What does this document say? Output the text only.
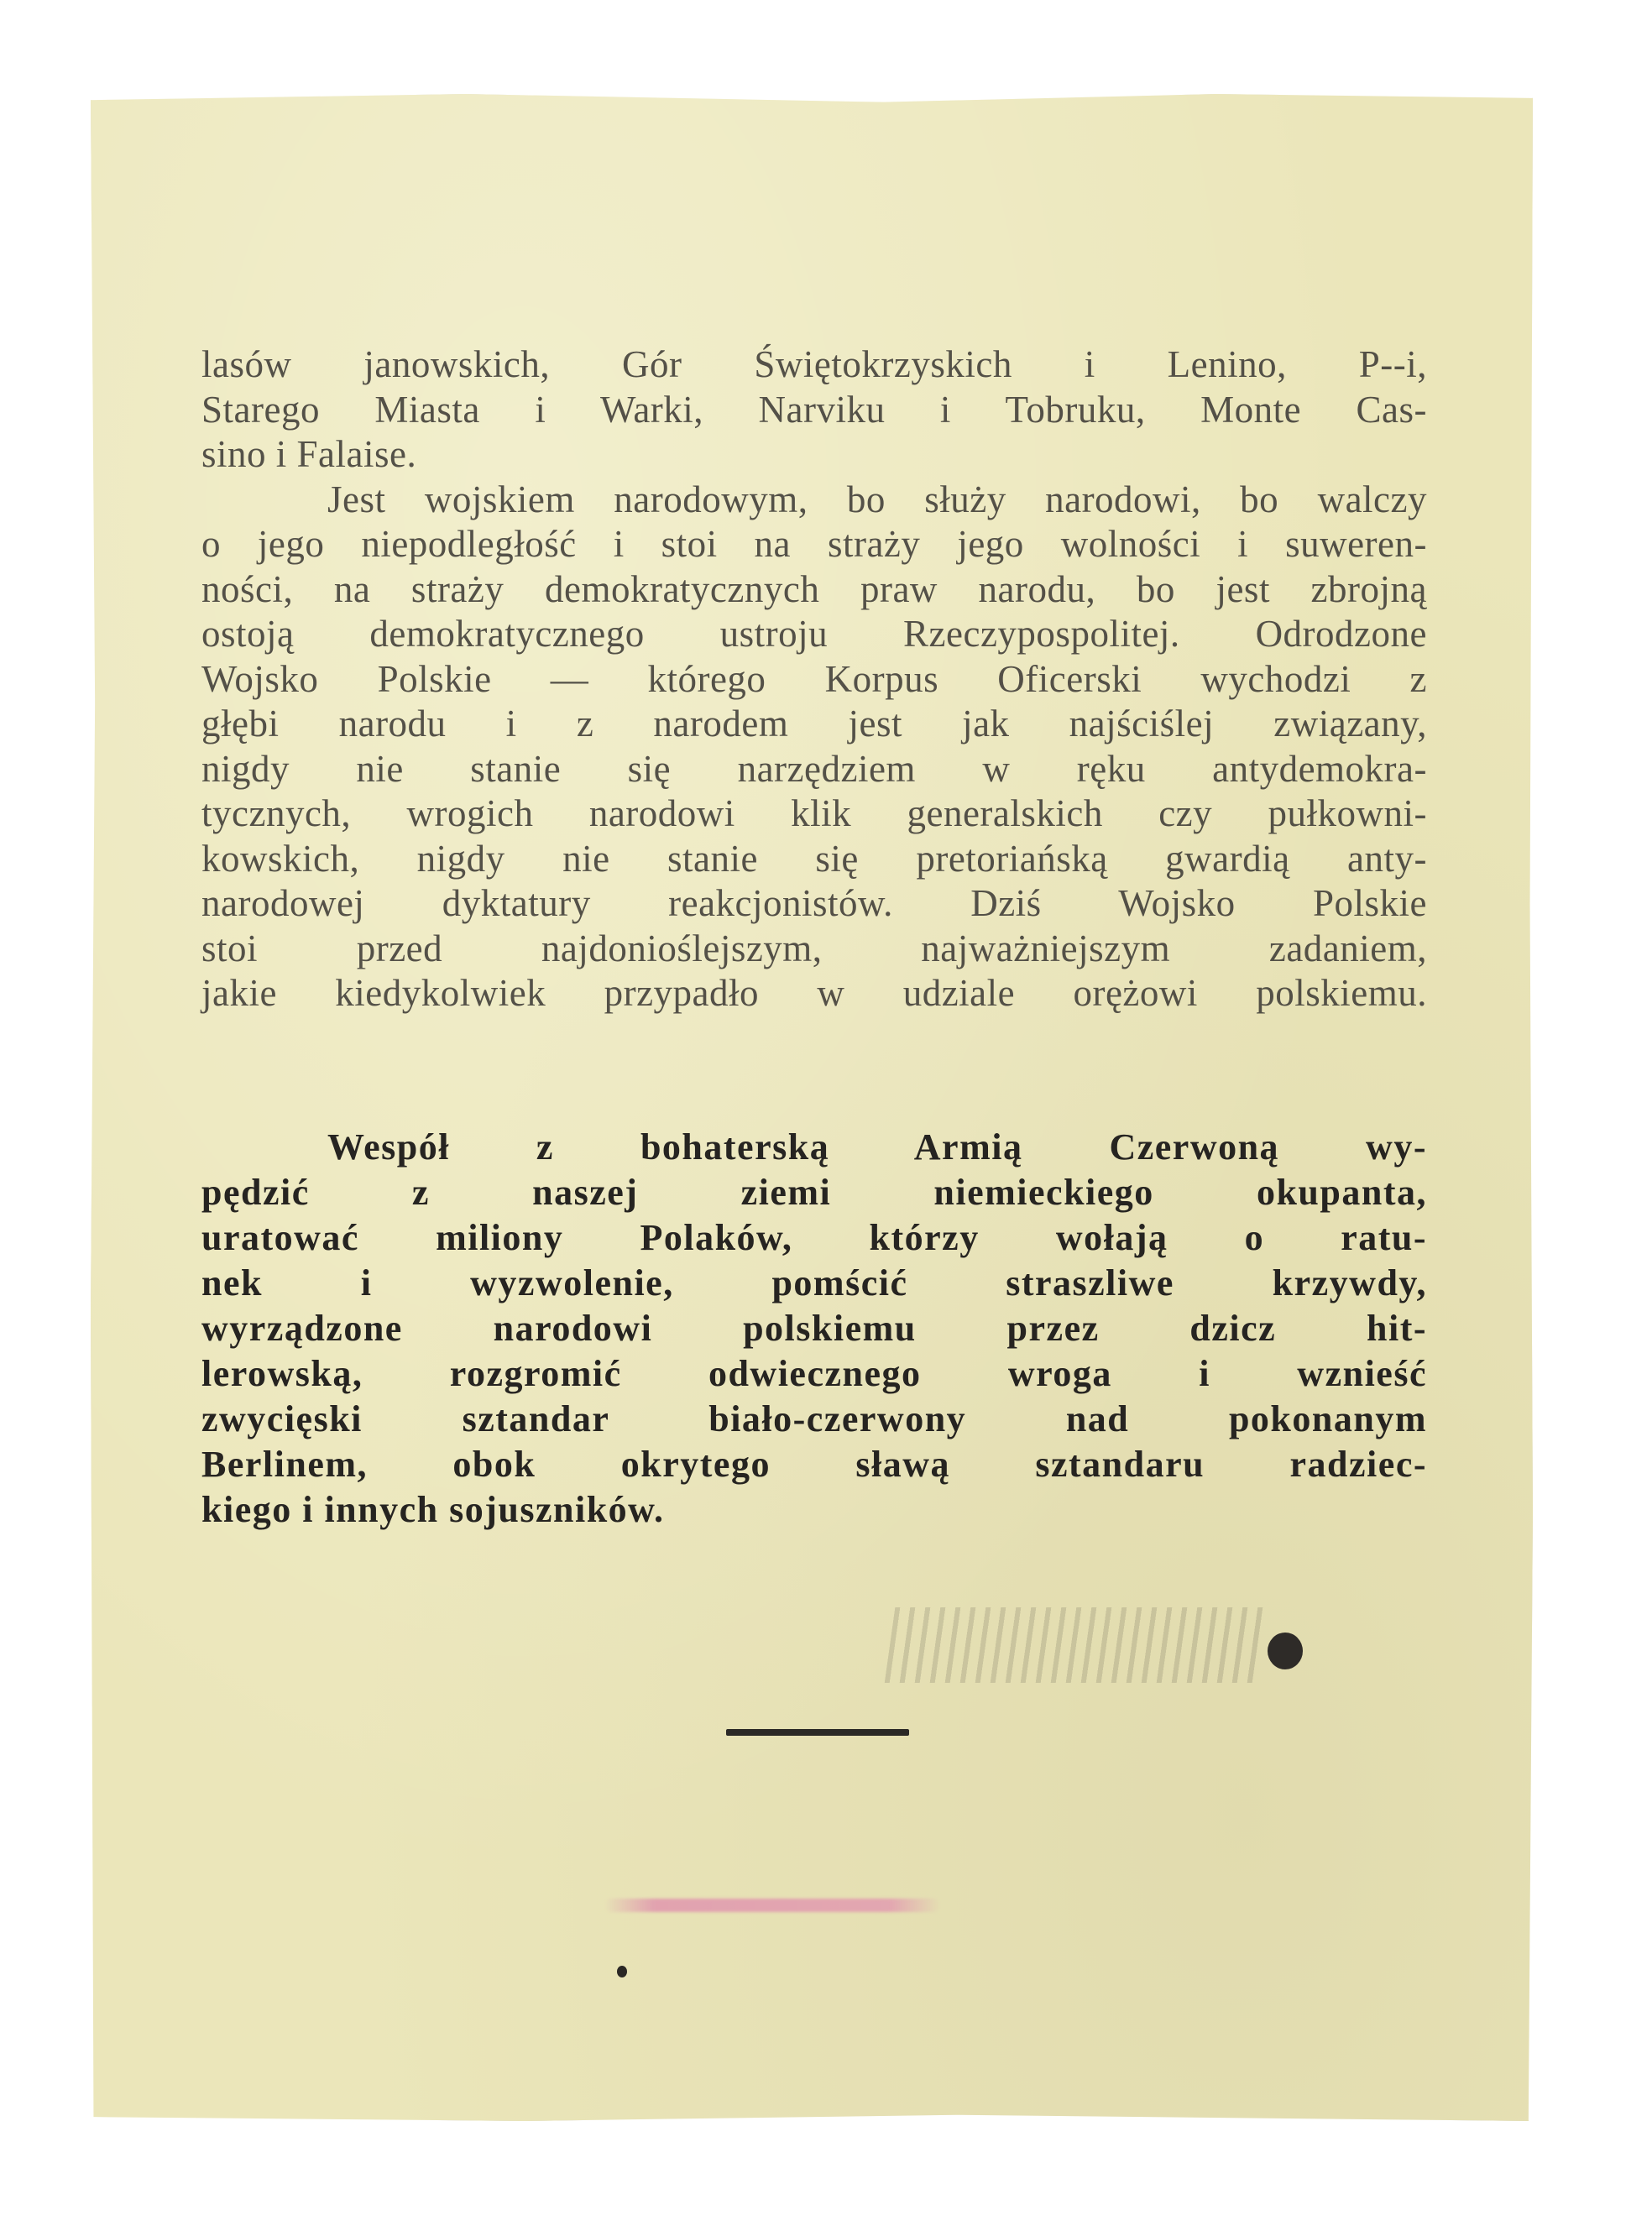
lasów janowskich, Gór Świętokrzyskich i Lenino, P--i,
Starego Miasta i Warki, Narviku i Tobruku, Monte Cas-
sino i Falaise.
Jest wojskiem narodowym, bo służy narodowi, bo walczy
o jego niepodległość i stoi na straży jego wolności i suweren-
ności, na straży demokratycznych praw narodu, bo jest zbrojną
ostoją demokratycznego ustroju Rzeczypospolitej. Odrodzone
Wojsko Polskie — którego Korpus Oficerski wychodzi z
głębi narodu i z narodem jest jak najściślej związany,
nigdy nie stanie się narzędziem w ręku antydemokra-
tycznych, wrogich narodowi klik generalskich czy pułkowni-
kowskich, nigdy nie stanie się pretoriańską gwardią anty-
narodowej dyktatury reakcjonistów. Dziś Wojsko Polskie
stoi przed najdonioślejszym, najważniejszym zadaniem,
jakie kiedykolwiek przypadło w udziale orężowi polskiemu.
Wespół z bohaterską Armią Czerwoną wy-
pędzić z naszej ziemi niemieckiego okupanta,
uratować miliony Polaków, którzy wołają o ratu-
nek i wyzwolenie, pomścić straszliwe krzywdy,
wyrządzone narodowi polskiemu przez dzicz hit-
lerowską, rozgromić odwiecznego wroga i wznieść
zwycięski sztandar biało-czerwony nad pokonanym
Berlinem, obok okrytego sławą sztandaru radziec-
kiego i innych sojuszników.
